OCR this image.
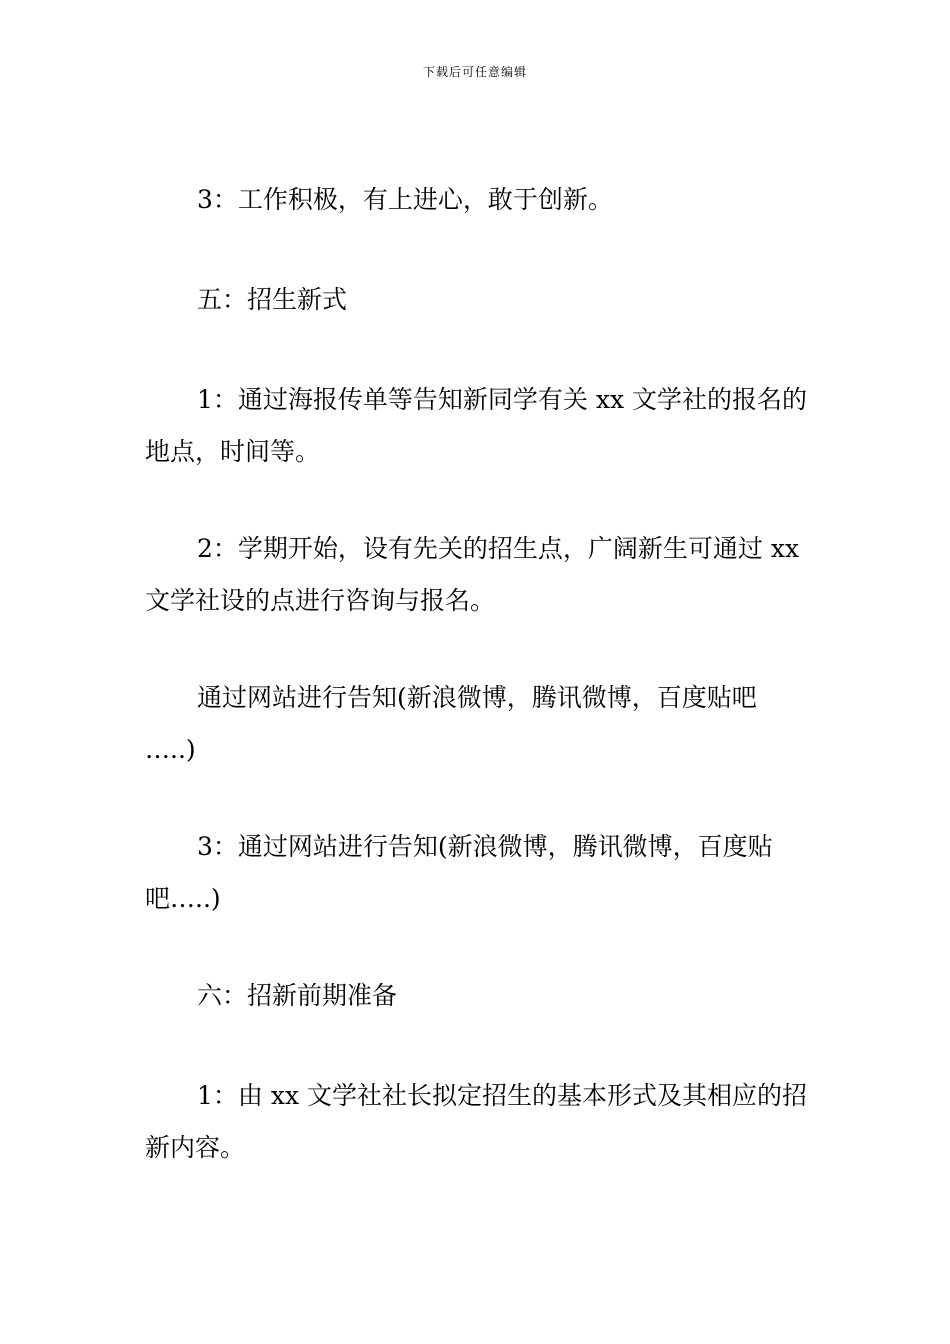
下载后可任意编辑
3：工作积极，有上进心，敢于创新。
五：招生新式
1：通过海报传单等告知新同学有关 xx 文学社的报名的
地点，时间等。
2：学期开始，设有先关的招生点，广阔新生可通过 xx
文学社设的点进行咨询与报名。
通过网站进行告知(新浪微博，腾讯微博，百度贴吧
…..)
3：通过网站进行告知(新浪微博，腾讯微博，百度贴
吧…..)
六：招新前期准备
1：由 xx 文学社社长拟定招生的基本形式及其相应的招
新内容。
